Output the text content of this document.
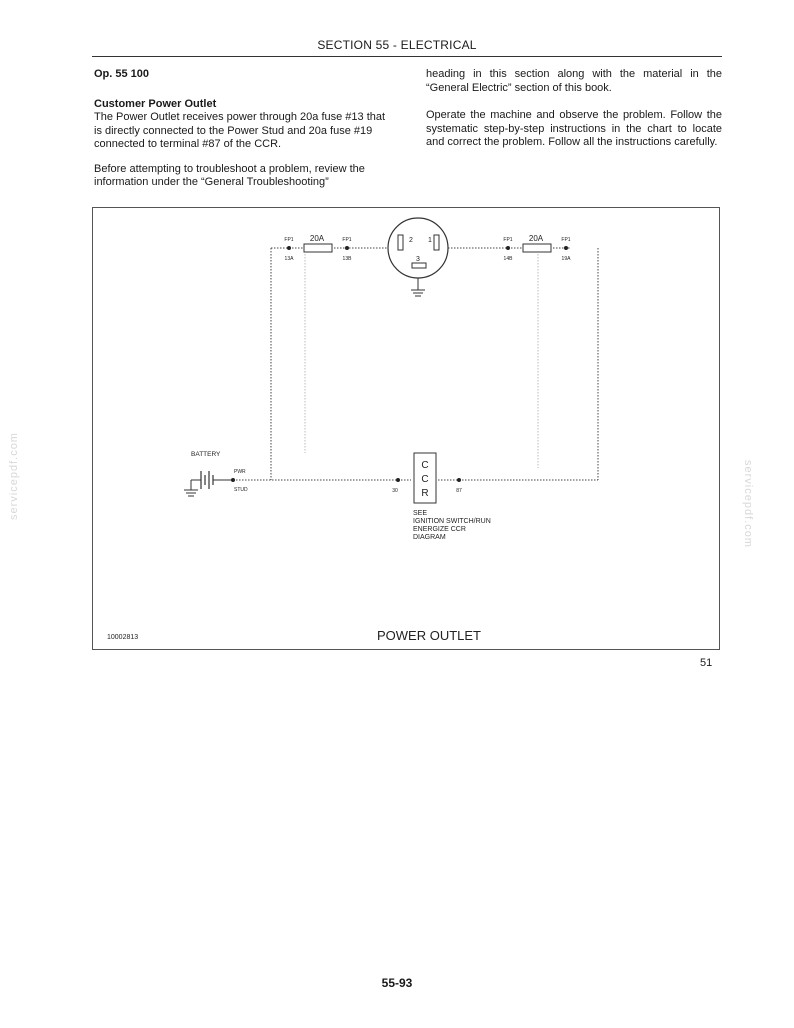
SECTION 55 - ELECTRICAL

Op. 55 100

Customer Power Outlet

The Power Outlet receives power through 20a fuse #13 that is directly connected to the Power Stud and 20a fuse #19 connected to terminal #87 of the CCR.

Before attempting to troubleshoot a problem, review the information under the “General Troubleshooting”

heading in this section along with the material in the “General Electric” section of this book.

Operate the machine and observe the problem. Follow the systematic step-by-step instructions in the chart to locate and correct the problem. Follow all the instructions carefully.

20A
FP1	FP1
13A	13B
20A
FP1	FP1
14B	19A
2 1
3
BATTERY
PWR
STUD
C
C
R
30	87
SEE
IGNITION SWITCH/RUN
ENERGIZE CCR
DIAGRAM
10002813	POWER OUTLET
51
55-93
servicepdf.com	servicepdf.com
